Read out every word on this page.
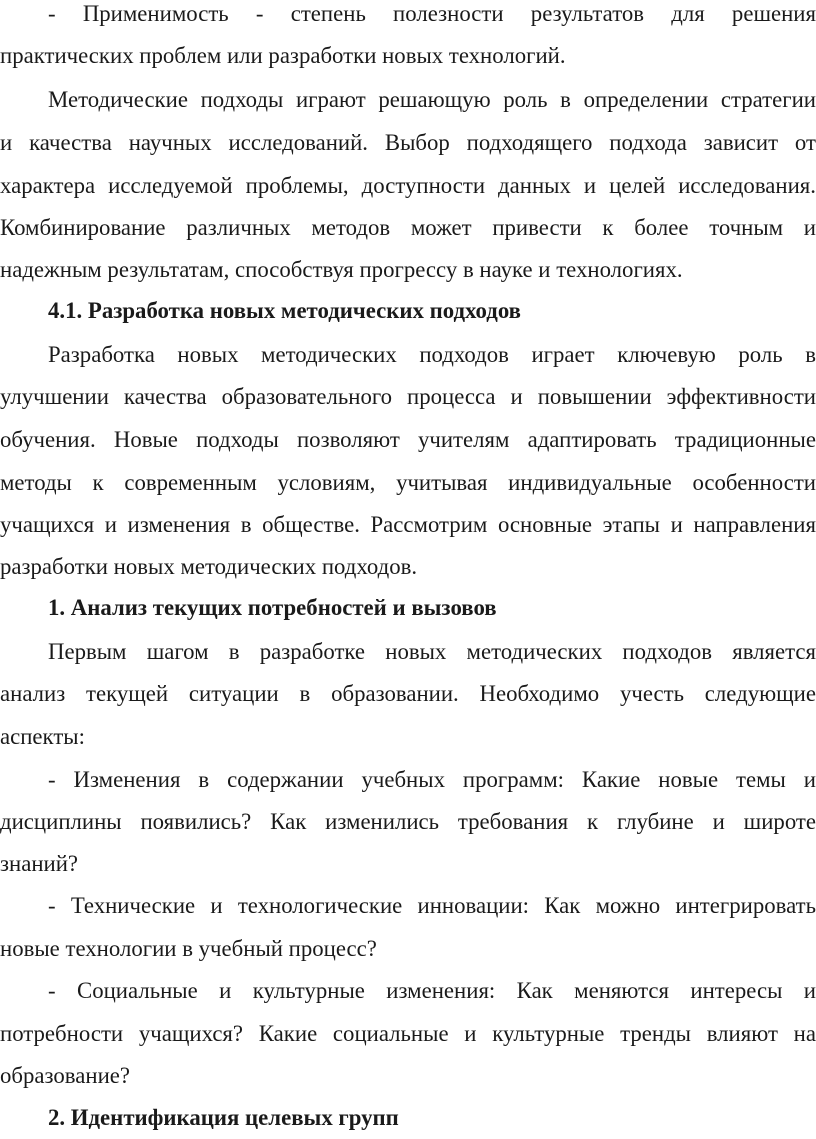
- Применимость - степень полезности результатов для решения
практических проблем или разработки новых технологий.
Методические подходы играют решающую роль в определении стратегии
и качества научных исследований. Выбор подходящего подхода зависит от
характера исследуемой проблемы, доступности данных и целей исследования.
Комбинирование различных методов может привести к более точным и
надежным результатам, способствуя прогрессу в науке и технологиях.
4.1. Разработка новых методических подходов
Разработка новых методических подходов играет ключевую роль в
улучшении качества образовательного процесса и повышении эффективности
обучения. Новые подходы позволяют учителям адаптировать традиционные
методы к современным условиям, учитывая индивидуальные особенности
учащихся и изменения в обществе. Рассмотрим основные этапы и направления
разработки новых методических подходов.
1. Анализ текущих потребностей и вызовов
Первым шагом в разработке новых методических подходов является
анализ текущей ситуации в образовании. Необходимо учесть следующие
аспекты:
- Изменения в содержании учебных программ: Какие новые темы и
дисциплины появились? Как изменились требования к глубине и широте
знаний?
- Технические и технологические инновации: Как можно интегрировать
новые технологии в учебный процесс?
- Социальные и культурные изменения: Как меняются интересы и
потребности учащихся? Какие социальные и культурные тренды влияют на
образование?
2. Идентификация целевых групп
